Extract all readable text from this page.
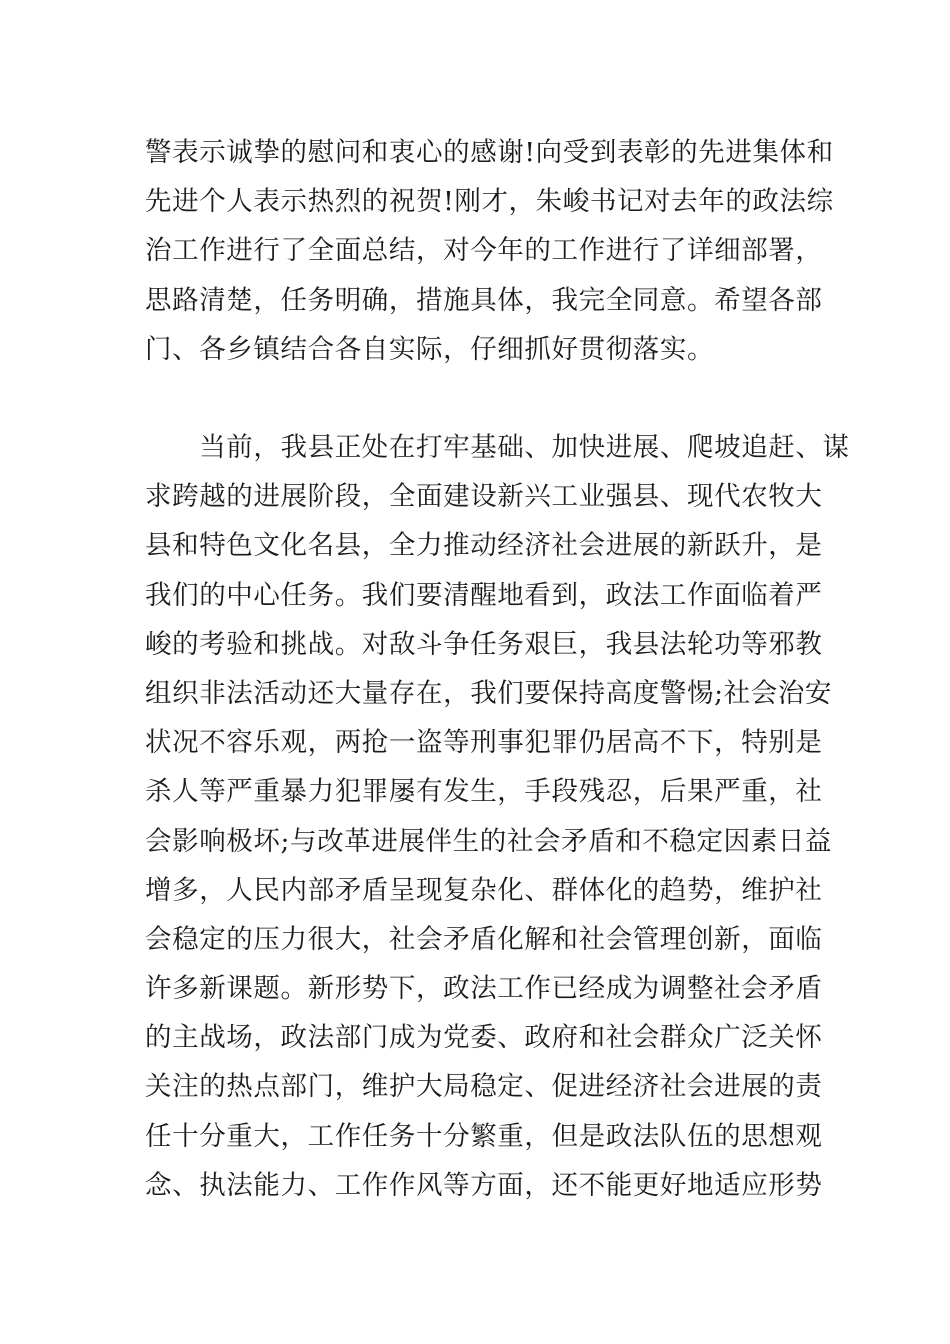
警表示诚挚的慰问和衷心的感谢!向受到表彰的先进集体和
先进个人表示热烈的祝贺!刚才，朱峻书记对去年的政法综
治工作进行了全面总结，对今年的工作进行了详细部署，
思路清楚，任务明确，措施具体，我完全同意。希望各部
门、各乡镇结合各自实际，仔细抓好贯彻落实。
　　当前，我县正处在打牢基础、加快进展、爬坡追赶、谋
求跨越的进展阶段，全面建设新兴工业强县、现代农牧大
县和特色文化名县，全力推动经济社会进展的新跃升，是
我们的中心任务。我们要清醒地看到，政法工作面临着严
峻的考验和挑战。对敌斗争任务艰巨，我县法轮功等邪教
组织非法活动还大量存在，我们要保持高度警惕;社会治安
状况不容乐观，两抢一盗等刑事犯罪仍居高不下，特别是
杀人等严重暴力犯罪屡有发生，手段残忍，后果严重，社
会影响极坏;与改革进展伴生的社会矛盾和不稳定因素日益
增多，人民内部矛盾呈现复杂化、群体化的趋势，维护社
会稳定的压力很大，社会矛盾化解和社会管理创新，面临
许多新课题。新形势下，政法工作已经成为调整社会矛盾
的主战场，政法部门成为党委、政府和社会群众广泛关怀
关注的热点部门，维护大局稳定、促进经济社会进展的责
任十分重大，工作任务十分繁重，但是政法队伍的思想观
念、执法能力、工作作风等方面，还不能更好地适应形势
